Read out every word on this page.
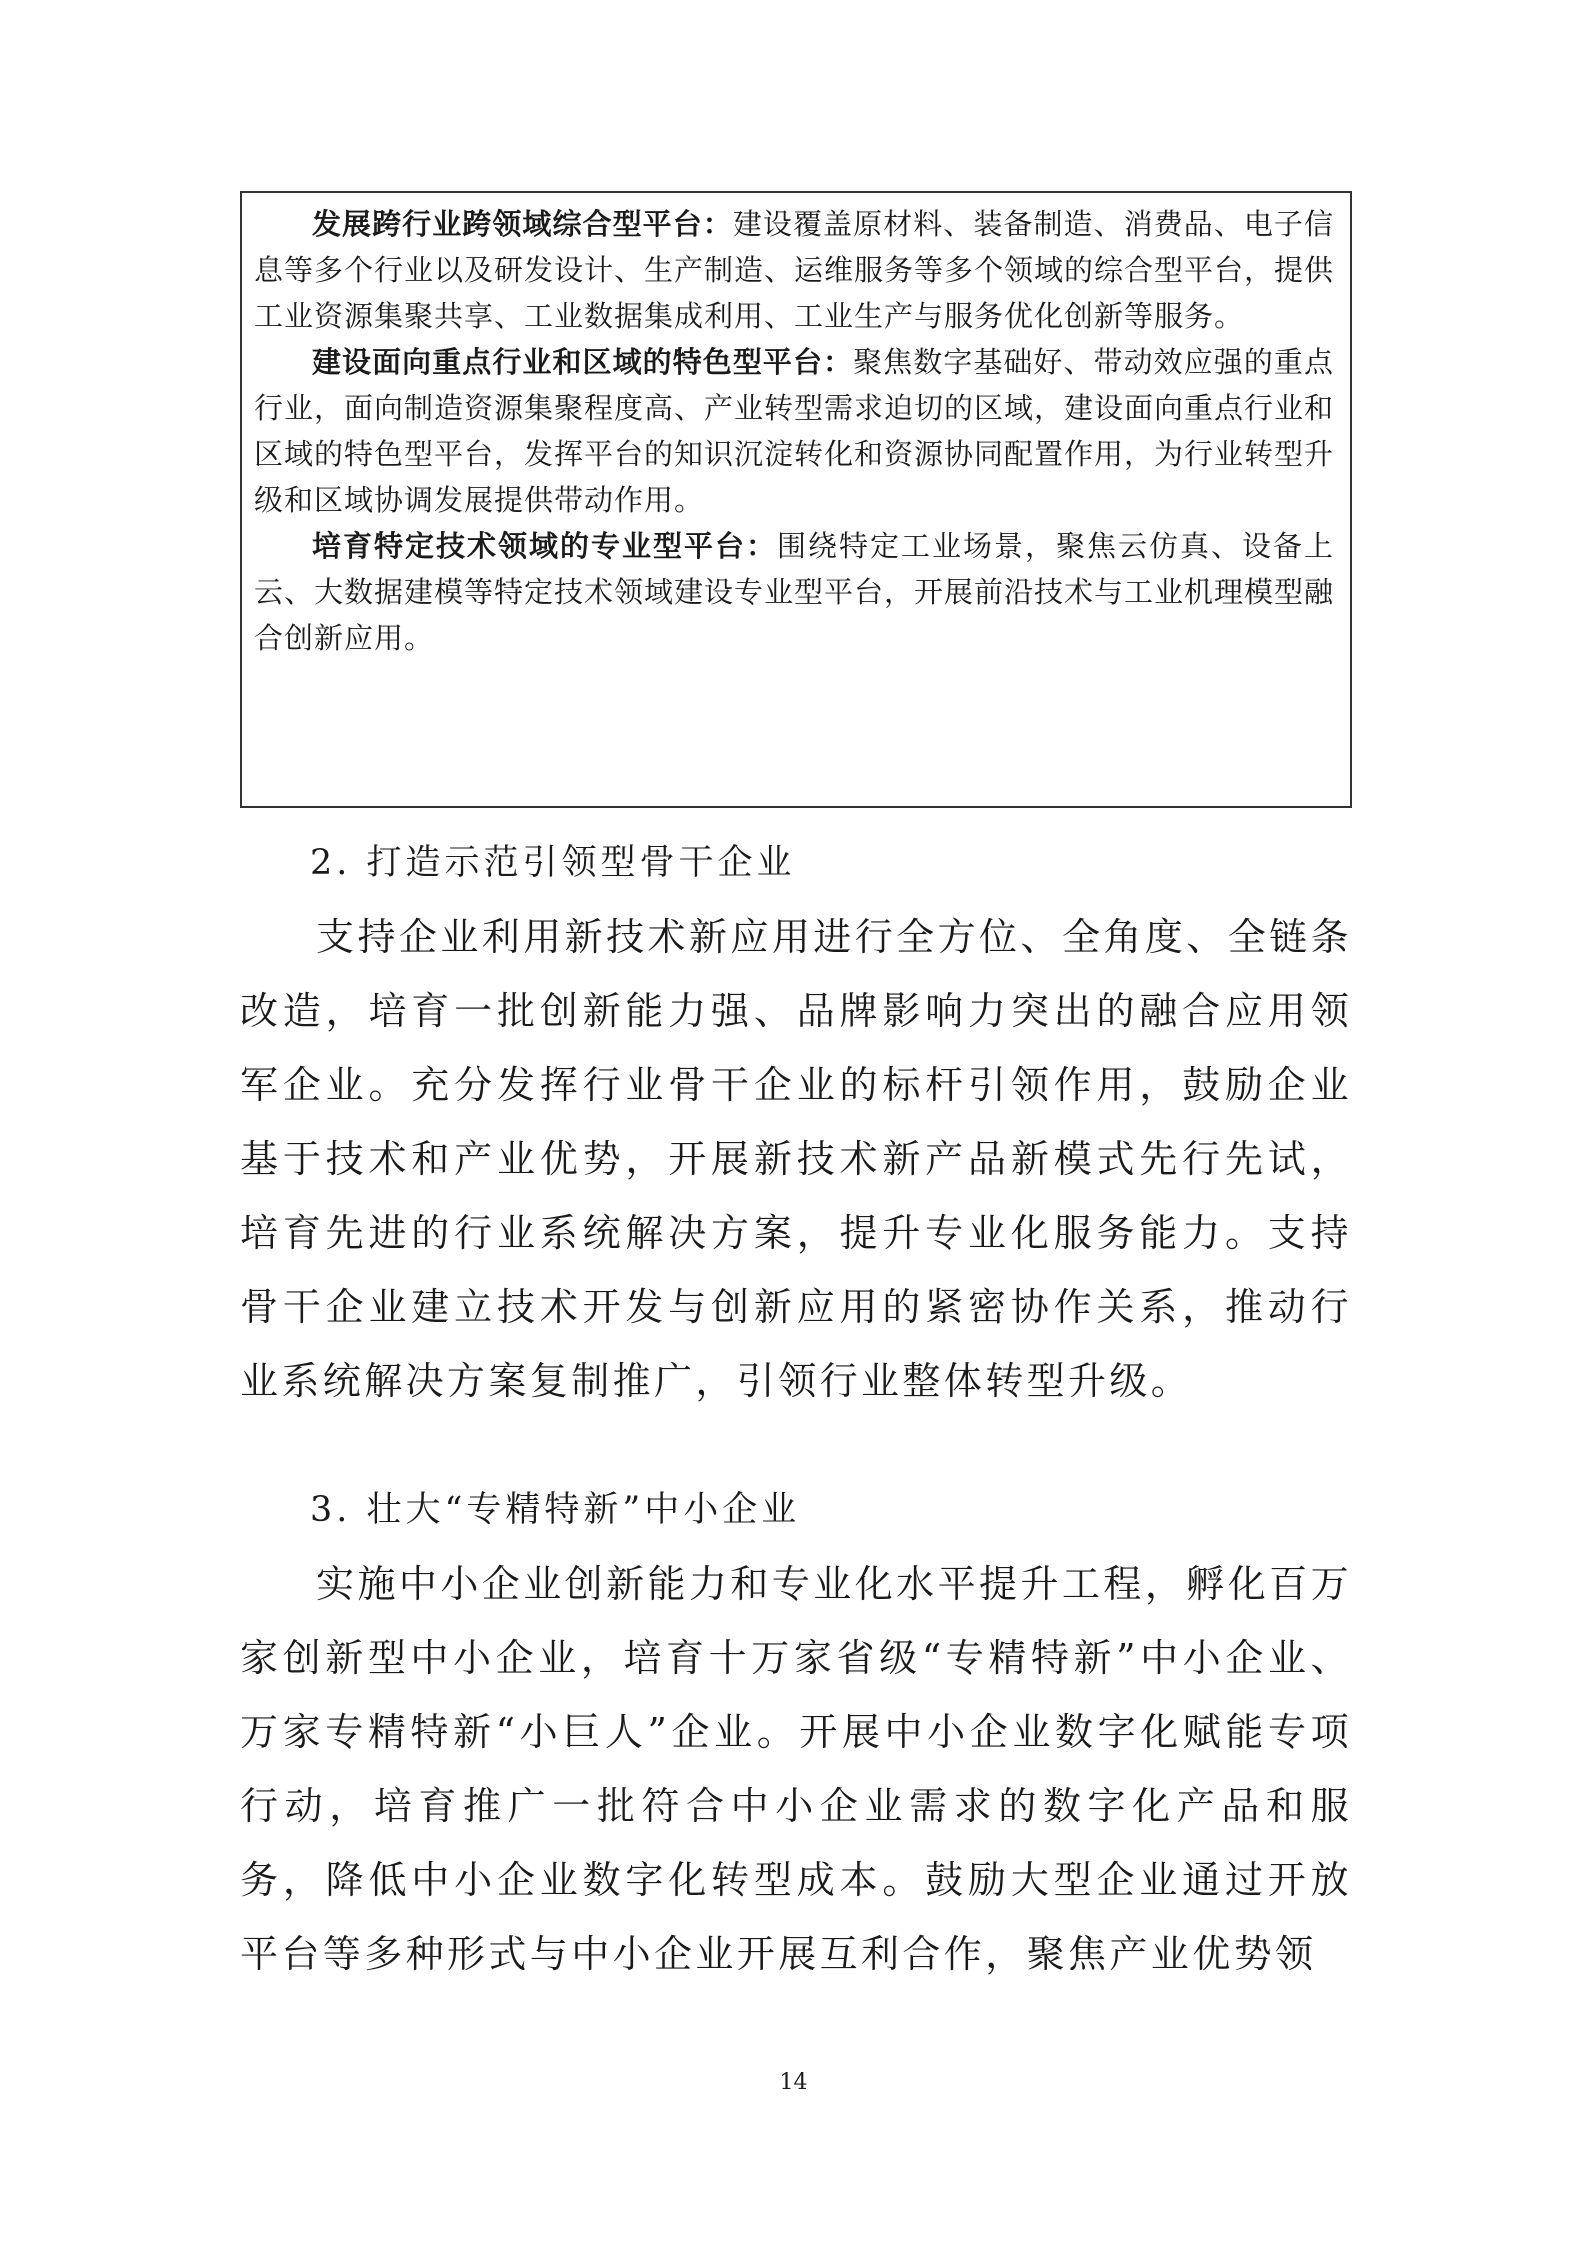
发展跨行业跨领域综合型平台：建设覆盖原材料、装备制造、消费品、电子信息等多个行业以及研发设计、生产制造、运维服务等多个领域的综合型平台，提供工业资源集聚共享、工业数据集成利用、工业生产与服务优化创新等服务。

建设面向重点行业和区域的特色型平台：聚焦数字基础好、带动效应强的重点行业，面向制造资源集聚程度高、产业转型需求迫切的区域，建设面向重点行业和区域的特色型平台，发挥平台的知识沉淀转化和资源协同配置作用，为行业转型升级和区域协调发展提供带动作用。

培育特定技术领域的专业型平台：围绕特定工业场景，聚焦云仿真、设备上云、大数据建模等特定技术领域建设专业型平台，开展前沿技术与工业机理模型融合创新应用。

2. 打造示范引领型骨干企业

支持企业利用新技术新应用进行全方位、全角度、全链条改造，培育一批创新能力强、品牌影响力突出的融合应用领军企业。充分发挥行业骨干企业的标杆引领作用，鼓励企业基于技术和产业优势，开展新技术新产品新模式先行先试，培育先进的行业系统解决方案，提升专业化服务能力。支持骨干企业建立技术开发与创新应用的紧密协作关系，推动行业系统解决方案复制推广，引领行业整体转型升级。

3. 壮大“专精特新”中小企业

实施中小企业创新能力和专业化水平提升工程，孵化百万家创新型中小企业，培育十万家省级“专精特新”中小企业、万家专精特新“小巨人”企业。开展中小企业数字化赋能专项行动，培育推广一批符合中小企业需求的数字化产品和服务，降低中小企业数字化转型成本。鼓励大型企业通过开放平台等多种形式与中小企业开展互利合作，聚焦产业优势领

14
